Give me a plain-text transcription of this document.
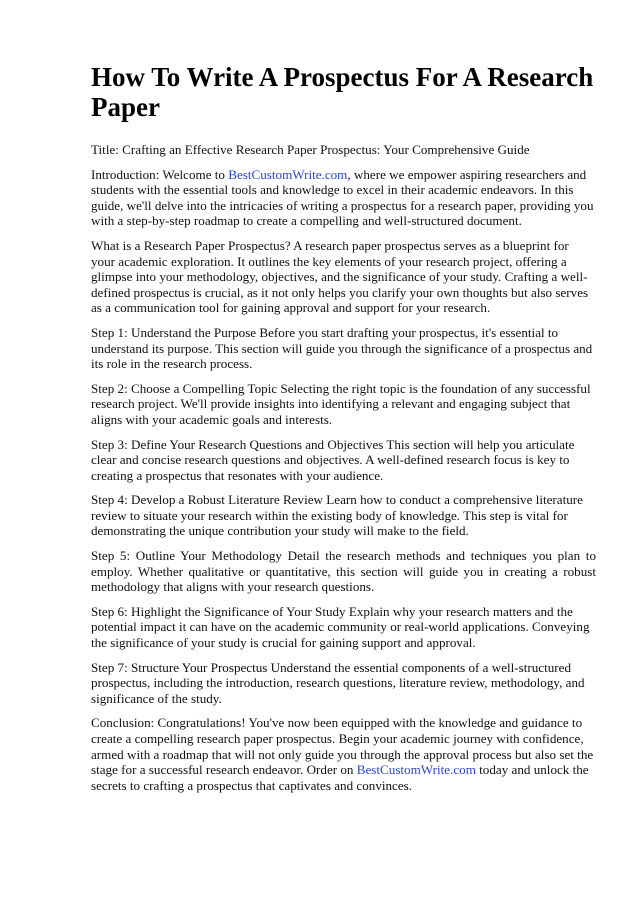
How To Write A Prospectus For A Research Paper

Title: Crafting an Effective Research Paper Prospectus: Your Comprehensive Guide

Introduction: Welcome to BestCustomWrite.com, where we empower aspiring researchers and students with the essential tools and knowledge to excel in their academic endeavors. In this guide, we'll delve into the intricacies of writing a prospectus for a research paper, providing you with a step-by-step roadmap to create a compelling and well-structured document.

What is a Research Paper Prospectus? A research paper prospectus serves as a blueprint for your academic exploration. It outlines the key elements of your research project, offering a glimpse into your methodology, objectives, and the significance of your study. Crafting a well-defined prospectus is crucial, as it not only helps you clarify your own thoughts but also serves as a communication tool for gaining approval and support for your research.

Step 1: Understand the Purpose Before you start drafting your prospectus, it's essential to understand its purpose. This section will guide you through the significance of a prospectus and its role in the research process.

Step 2: Choose a Compelling Topic Selecting the right topic is the foundation of any successful research project. We'll provide insights into identifying a relevant and engaging subject that aligns with your academic goals and interests.

Step 3: Define Your Research Questions and Objectives This section will help you articulate clear and concise research questions and objectives. A well-defined research focus is key to creating a prospectus that resonates with your audience.

Step 4: Develop a Robust Literature Review Learn how to conduct a comprehensive literature review to situate your research within the existing body of knowledge. This step is vital for demonstrating the unique contribution your study will make to the field.

Step 5: Outline Your Methodology Detail the research methods and techniques you plan to employ. Whether qualitative or quantitative, this section will guide you in creating a robust methodology that aligns with your research questions.

Step 6: Highlight the Significance of Your Study Explain why your research matters and the potential impact it can have on the academic community or real-world applications. Conveying the significance of your study is crucial for gaining support and approval.

Step 7: Structure Your Prospectus Understand the essential components of a well-structured prospectus, including the introduction, research questions, literature review, methodology, and significance of the study.

Conclusion: Congratulations! You've now been equipped with the knowledge and guidance to create a compelling research paper prospectus. Begin your academic journey with confidence, armed with a roadmap that will not only guide you through the approval process but also set the stage for a successful research endeavor. Order on BestCustomWrite.com today and unlock the secrets to crafting a prospectus that captivates and convinces.
